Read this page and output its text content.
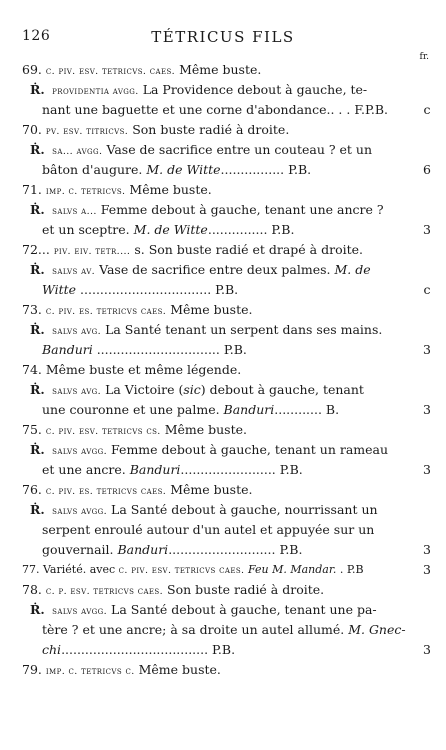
126	TÉTRICUS FILS
fr.
69. c. piv. esv. tetricvs. caes. Même buste.
Ṙ. providentia avgg. La Providence debout à gauche, te-
nant une baguette et une corne d'abondance.. . . F.P.B.	c
70. pv. esv. titricvs. Son buste radié à droite.
Ṙ. sa... avgg. Vase de sacrifice entre un couteau ? et un
bâton d'augure. M. de Witte................ P.B.	6
71. imp. c. tetricvs. Même buste.
Ṙ. salvs a... Femme debout à gauche, tenant une ancre ?
et un sceptre. M. de Witte............... P.B.	3
72... piv. eiv. tetr.... s. Son buste radié et drapé à droite.
Ṙ. salvs av. Vase de sacrifice entre deux palmes. M. de
Witte ................................. P.B.	c
73. c. piv. es. tetricvs caes. Même buste.
Ṙ. salvs avg. La Santé tenant un serpent dans ses mains.
Banduri ............................... P.B.	3
74. Même buste et même légende.
Ṙ. salvs avg. La Victoire (sic) debout à gauche, tenant
une couronne et une palme. Banduri............ B.	3
75. c. piv. esv. tetricvs cs. Même buste.
Ṙ. salvs avgg. Femme debout à gauche, tenant un rameau
et une ancre. Banduri........................ P.B.	3
76. c. piv. es. tetricvs caes. Même buste.
Ṙ. salvs avgg. La Santé debout à gauche, nourrissant un
serpent enroulé autour d'un autel et appuyée sur un
gouvernail. Banduri........................... P.B.	3
77. Variété. avec c. piv. esv. tetricvs caes. Feu M. Mandar. . P.B	3
78. c. p. esv. tetricvs caes. Son buste radié à droite.
Ṙ. salvs avgg. La Santé debout à gauche, tenant une pa-
tère ? et une ancre; à sa droite un autel allumé. M. Gnec-
chi..................................... P.B.	3
79. imp. c. tetricvs c. Même buste.
